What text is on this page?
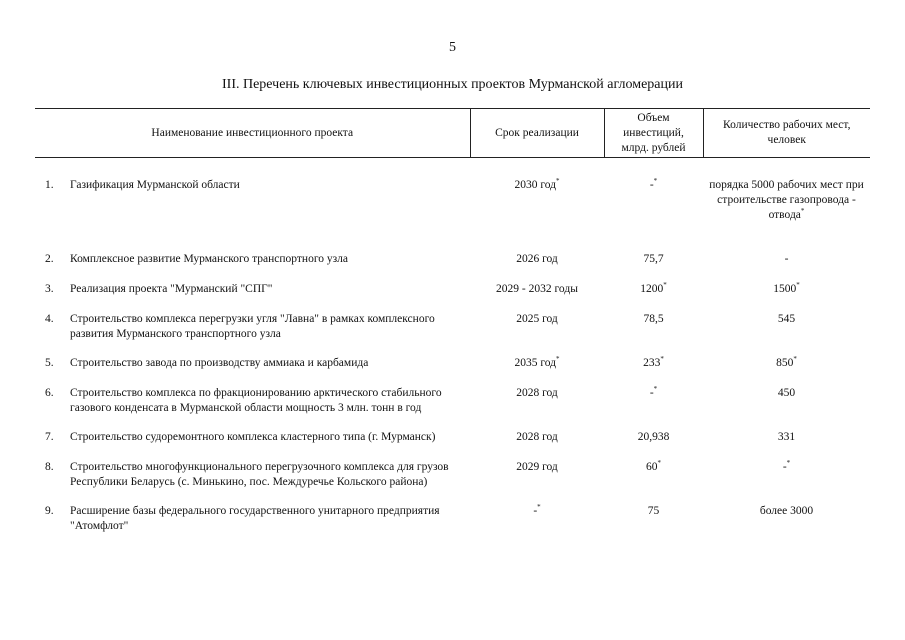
5
III. Перечень ключевых инвестиционных проектов Мурманской агломерации
Наименование инвестиционного проекта		Срок реализации	Объем инвестиций, млрд. рублей	Количество рабочих мест, человек
1.	Газификация Мурманской области	2030 год*	-*	порядка 5000 рабочих мест при строительстве газопровода - отвода*
2.	Комплексное развитие Мурманского транспортного узла	2026 год	75,7	-
3.	Реализация проекта "Мурманский "СПГ"	2029 - 2032 годы	1200*	1500*
4.	Строительство комплекса перегрузки угля "Лавна" в рамках комплексного развития Мурманского транспортного узла	2025 год	78,5	545
5.	Строительство завода по производству аммиака и карбамида	2035 год*	233*	850*
6.	Строительство комплекса по фракционированию арктического стабильного газового конденсата в Мурманской области мощность 3 млн. тонн в год	2028 год	-*	450
7.	Строительство судоремонтного комплекса кластерного типа (г. Мурманск)	2028 год	20,938	331
8.	Строительство многофункционального перегрузочного комплекса для грузов Республики Беларусь (с. Минькино, пос. Междуречье Кольского района)	2029 год	60*	-*
9.	Расширение базы федерального государственного унитарного предприятия "Атомфлот"	-*	75	более 3000
